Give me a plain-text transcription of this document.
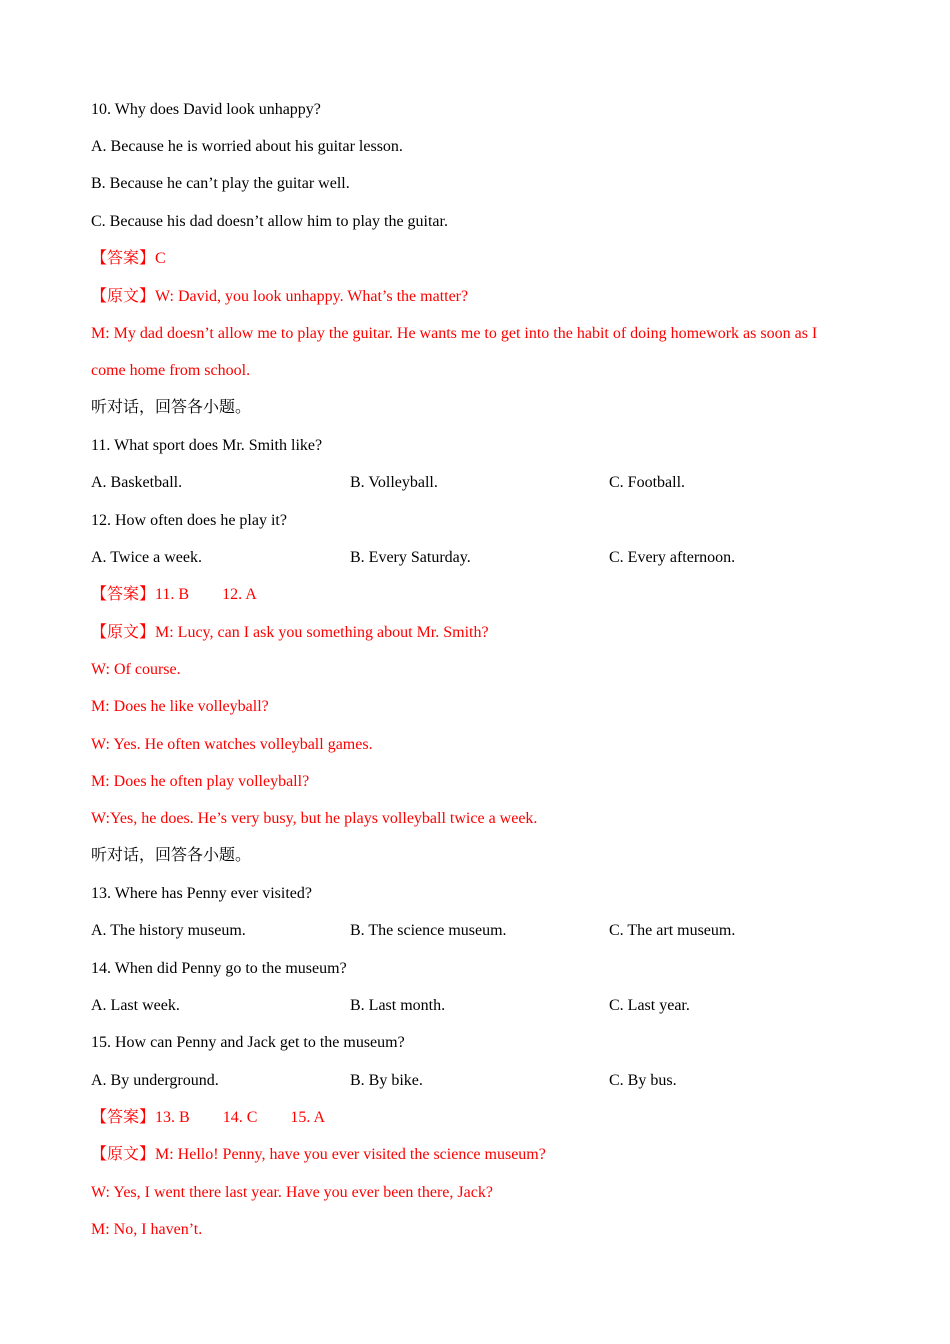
10. Why does David look unhappy?
A. Because he is worried about his guitar lesson.
B. Because he can’t play the guitar well.
C. Because his dad doesn’t allow him to play the guitar.
【答案】C
【原文】W: David, you look unhappy. What’s the matter?
M: My dad doesn’t allow me to play the guitar. He wants me to get into the habit of doing homework as soon as I
come home from school.
听对话，回答各小题。
11. What sport does Mr. Smith like?
A. Basketball.	B. Volleyball.	C. Football.
12. How often does he play it?
A. Twice a week.	B. Every Saturday.	C. Every afternoon.
【答案】11. B 12. A
【原文】M: Lucy, can I ask you something about Mr. Smith?
W: Of course.
M: Does he like volleyball?
W: Yes. He often watches volleyball games.
M: Does he often play volleyball?
W:Yes, he does. He’s very busy, but he plays volleyball twice a week.
听对话，回答各小题。
13. Where has Penny ever visited?
A. The history museum.	B. The science museum.	C. The art museum.
14. When did Penny go to the museum?
A. Last week.	B. Last month.	C. Last year.
15. How can Penny and Jack get to the museum?
A. By underground.	B. By bike.	C. By bus.
【答案】13. B 14. C 15. A
【原文】M: Hello! Penny, have you ever visited the science museum?
W: Yes, I went there last year. Have you ever been there, Jack?
M: No, I haven’t.
